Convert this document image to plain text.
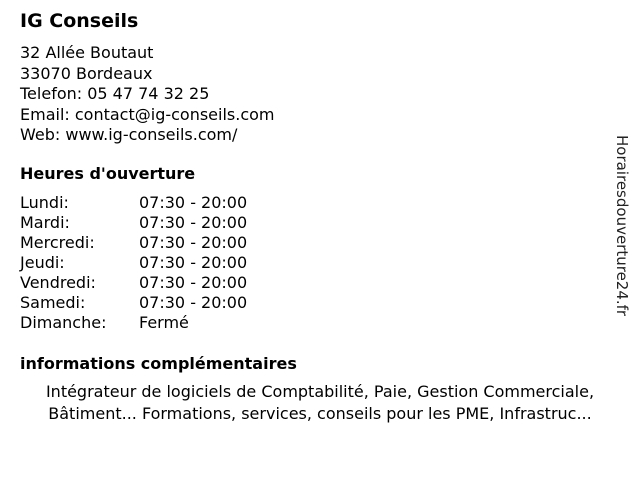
IG Conseils
32 Allée Boutaut
33070 Bordeaux
Telefon: 05 47 74 32 25
Email: contact@ig-conseils.com
Web: www.ig-conseils.com/
Heures d'ouverture
Lundi:	07:30 - 20:00
Mardi:	07:30 - 20:00
Mercredi:	07:30 - 20:00
Jeudi:	07:30 - 20:00
Vendredi:	07:30 - 20:00
Samedi:	07:30 - 20:00
Dimanche: Fermé
informations complémentaires
Intégrateur de logiciels de Comptabilité, Paie, Gestion Commerciale,
Bâtiment... Formations, services, conseils pour les PME, Infrastruc...
Horairesdouverture24.fr
